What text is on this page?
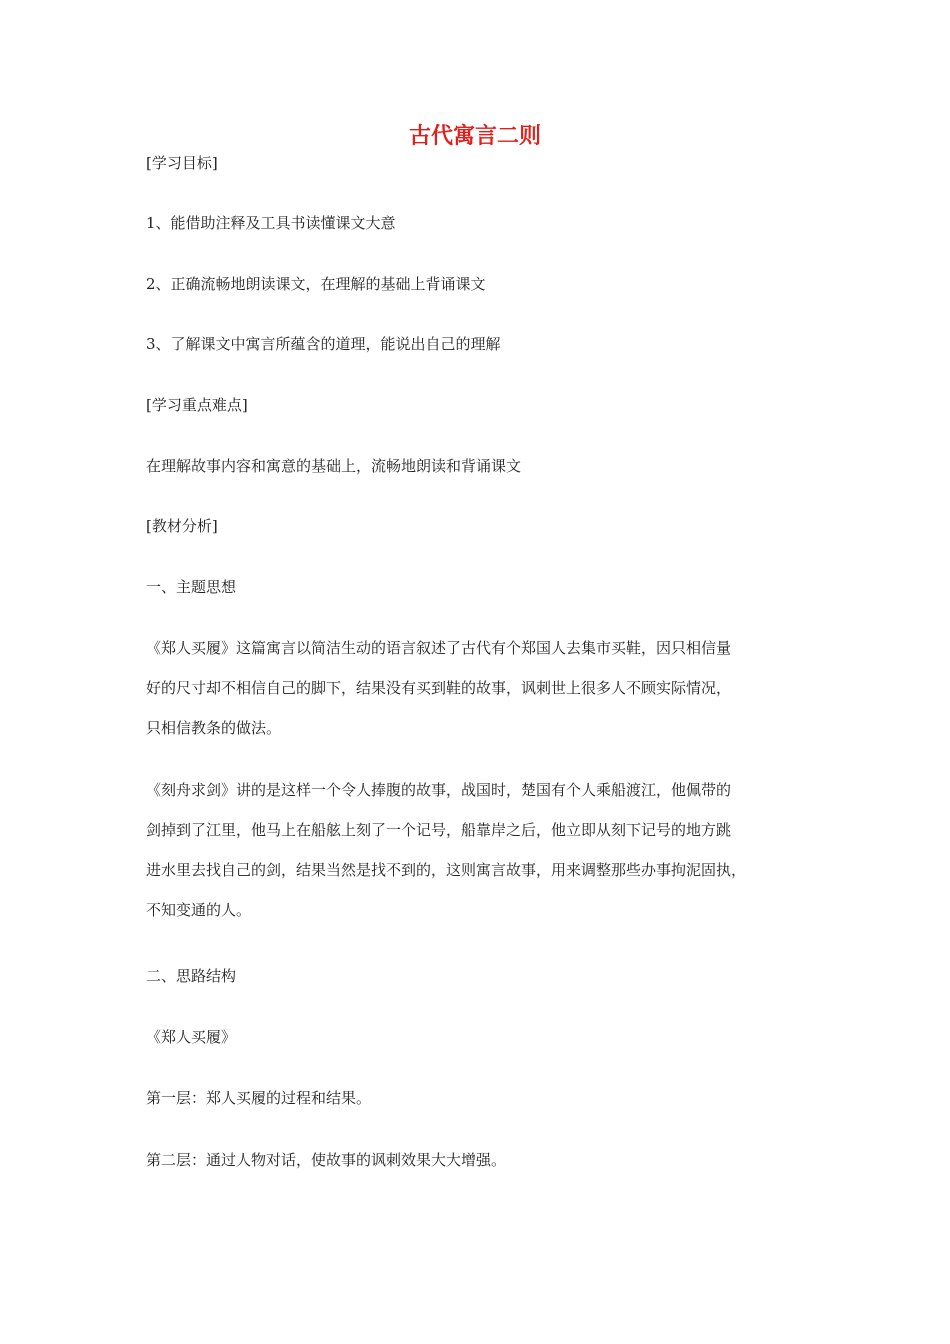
古代寓言二则
[学习目标]
1、能借助注释及工具书读懂课文大意
2、正确流畅地朗读课文，在理解的基础上背诵课文
3、了解课文中寓言所蕴含的道理，能说出自己的理解
[学习重点难点]
在理解故事内容和寓意的基础上，流畅地朗读和背诵课文
[教材分析]
一、主题思想
《郑人买履》这篇寓言以简洁生动的语言叙述了古代有个郑国人去集市买鞋，因只相信量
好的尺寸却不相信自己的脚下，结果没有买到鞋的故事，讽刺世上很多人不顾实际情况，
只相信教条的做法。
《刻舟求剑》讲的是这样一个令人捧腹的故事，战国时，楚国有个人乘船渡江，他佩带的
剑掉到了江里，他马上在船舷上刻了一个记号，船靠岸之后，他立即从刻下记号的地方跳
进水里去找自己的剑，结果当然是找不到的，这则寓言故事，用来调整那些办事拘泥固执，
不知变通的人。
二、思路结构
《郑人买履》
第一层：郑人买履的过程和结果。
第二层：通过人物对话，使故事的讽刺效果大大增强。
